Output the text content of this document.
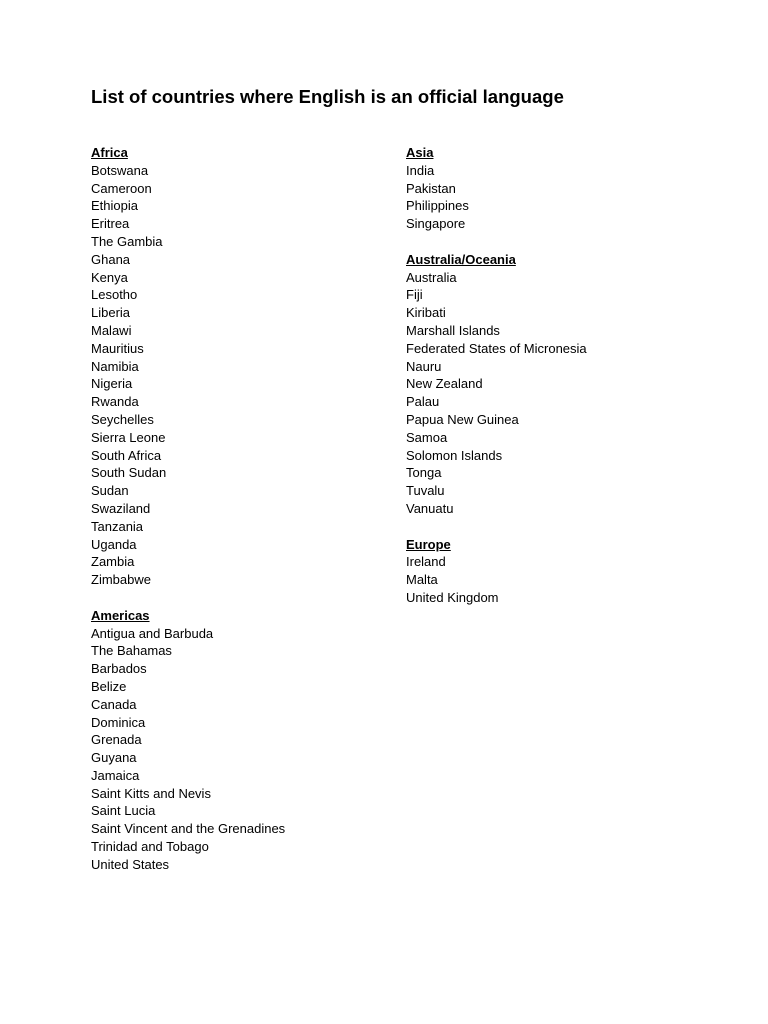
List of countries where English is an official language
Africa
Botswana
Cameroon
Ethiopia
Eritrea
The Gambia
Ghana
Kenya
Lesotho
Liberia
Malawi
Mauritius
Namibia
Nigeria
Rwanda
Seychelles
Sierra Leone
South Africa
South Sudan
Sudan
Swaziland
Tanzania
Uganda
Zambia
Zimbabwe
Americas
Antigua and Barbuda
The Bahamas
Barbados
Belize
Canada
Dominica
Grenada
Guyana
Jamaica
Saint Kitts and Nevis
Saint Lucia
Saint Vincent and the Grenadines
Trinidad and Tobago
United States
Asia
India
Pakistan
Philippines
Singapore
Australia/Oceania
Australia
Fiji
Kiribati
Marshall Islands
Federated States of Micronesia
Nauru
New Zealand
Palau
Papua New Guinea
Samoa
Solomon Islands
Tonga
Tuvalu
Vanuatu
Europe
Ireland
Malta
United Kingdom
